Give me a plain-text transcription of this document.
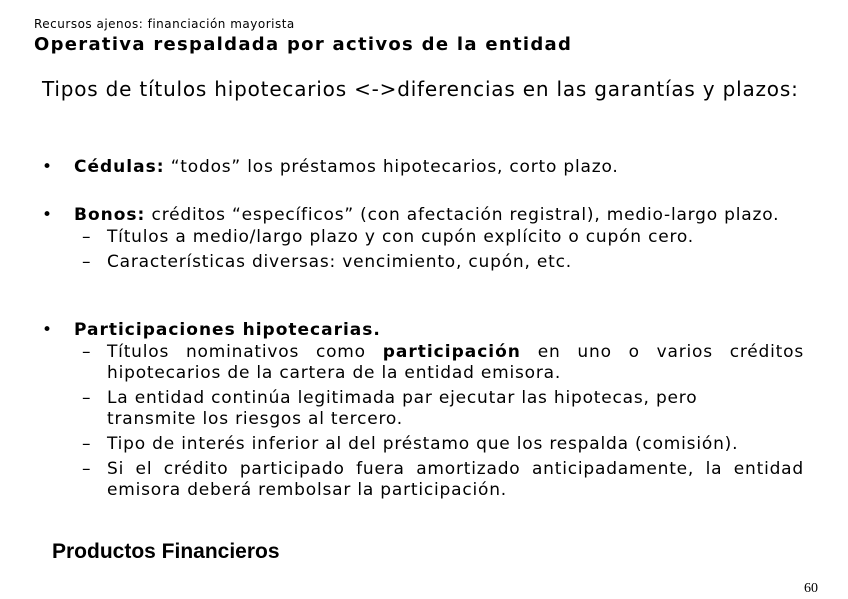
Recursos ajenos: financiación mayorista
Operativa respaldada por activos de la entidad
Tipos de títulos hipotecarios <->diferencias en las garantías y plazos:
• Cédulas: “todos” los préstamos hipotecarios, corto plazo.
• Bonos: créditos “específicos” (con afectación registral), medio-largo plazo.
– Títulos a medio/largo plazo y con cupón explícito o cupón cero.
– Características diversas: vencimiento, cupón, etc.
• Participaciones hipotecarias.
– Títulos nominativos como participación en uno o varios créditos hipotecarios de la cartera de la entidad emisora.
– La entidad continúa legitimada par ejecutar las hipotecas, pero transmite los riesgos al tercero.
– Tipo de interés inferior al del préstamo que los respalda (comisión).
– Si el crédito participado fuera amortizado anticipadamente, la entidad emisora deberá rembolsar la participación.
Productos Financieros
60
